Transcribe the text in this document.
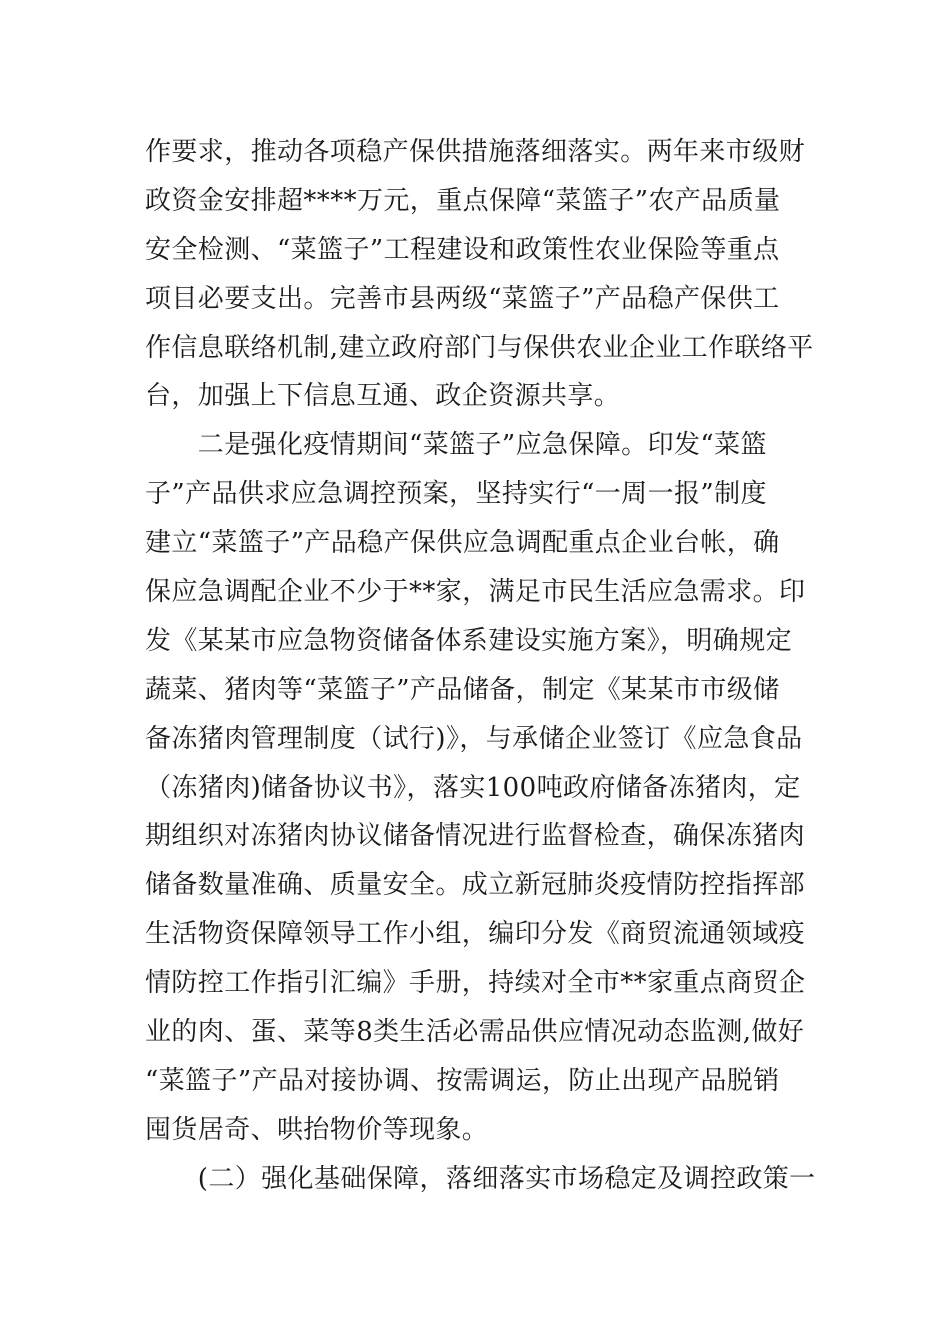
作要求，推动各项稳产保供措施落细落实。两年来市级财
政资金安排超****万元，重点保障“菜篮子”农产品质量
安全检测、“菜篮子”工程建设和政策性农业保险等重点
项目必要支出。完善市县两级“菜篮子”产品稳产保供工
作信息联络机制,建立政府部门与保供农业企业工作联络平
台，加强上下信息互通、政企资源共享。
　　二是强化疫情期间“菜篮子”应急保障。印发“菜篮
子”产品供求应急调控预案，坚持实行“一周一报”制度
建立“菜篮子”产品稳产保供应急调配重点企业台帐，确
保应急调配企业不少于**家，满足市民生活应急需求。印
发《某某市应急物资储备体系建设实施方案》，明确规定
蔬菜、猪肉等“菜篮子”产品储备，制定《某某市市级储
备冻猪肉管理制度（试行)》，与承储企业签订《应急食品
（冻猪肉)储备协议书》，落实100吨政府储备冻猪肉，定
期组织对冻猪肉协议储备情况进行监督检查，确保冻猪肉
储备数量准确、质量安全。成立新冠肺炎疫情防控指挥部
生活物资保障领导工作小组，编印分发《商贸流通领域疫
情防控工作指引汇编》手册，持续对全市**家重点商贸企
业的肉、蛋、菜等8类生活必需品供应情况动态监测,做好
“菜篮子”产品对接协调、按需调运，防止出现产品脱销
囤货居奇、哄抬物价等现象。
　　(二）强化基础保障，落细落实市场稳定及调控政策一
